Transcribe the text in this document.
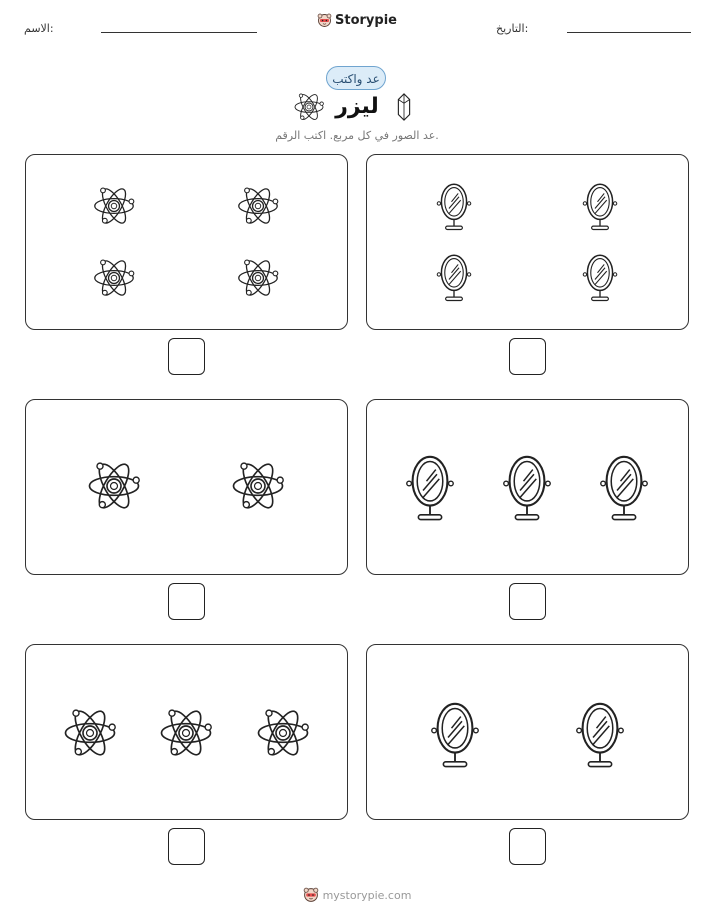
الاسم:
Storypie
التاريخ:
عد واكتب
ليزر
عد الصور في كل مربع. اكتب الرقم.
mystorypie.com
